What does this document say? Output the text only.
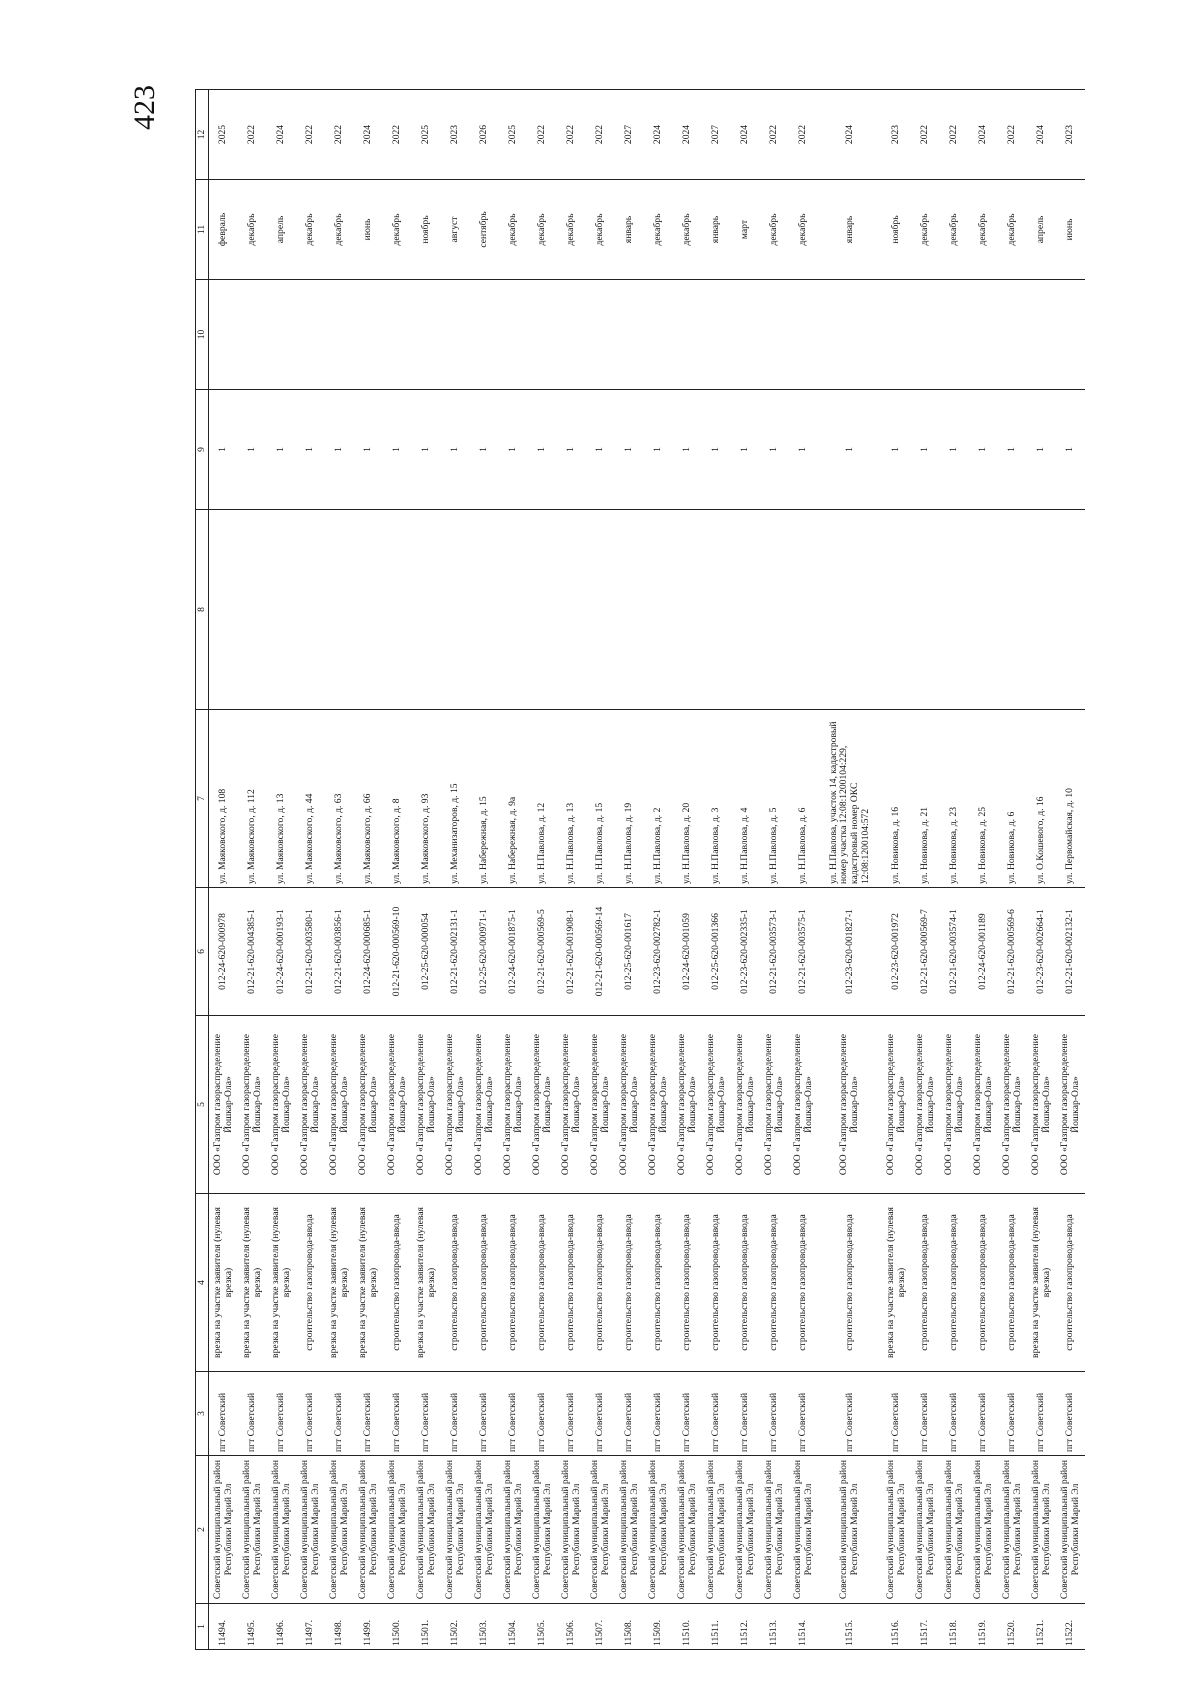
423
1	2	3	4	5	6	7	8	9	10	11	12
11494.	Советский муниципальный район Республики Марий Эл	пгт Советский	врезка на участке заявителя (нулевая врезка)	ООО «Газпром газораспределение Йошкар-Ола»	012-24-620-000978	ул. Маяковского, д. 108		1		февраль	2025
11495.	Советский муниципальный район Республики Марий Эл	пгт Советский	врезка на участке заявителя (нулевая врезка)	ООО «Газпром газораспределение Йошкар-Ола»	012-21-620-004385-1	ул. Маяковского, д. 112		1		декабрь	2022
11496.	Советский муниципальный район Республики Марий Эл	пгт Советский	врезка на участке заявителя (нулевая врезка)	ООО «Газпром газораспределение Йошкар-Ола»	012-24-620-000193-1	ул. Маяковского, д. 13		1		апрель	2024
11497.	Советский муниципальный район Республики Марий Эл	пгт Советский	строительство газопровода-ввода	ООО «Газпром газораспределение Йошкар-Ола»	012-21-620-003580-1	ул. Маяковского, д. 44		1		декабрь	2022
11498.	Советский муниципальный район Республики Марий Эл	пгт Советский	врезка на участке заявителя (нулевая врезка)	ООО «Газпром газораспределение Йошкар-Ола»	012-21-620-003856-1	ул. Маяковского, д. 63		1		декабрь	2022
11499.	Советский муниципальный район Республики Марий Эл	пгт Советский	врезка на участке заявителя (нулевая врезка)	ООО «Газпром газораспределение Йошкар-Ола»	012-24-620-000685-1	ул. Маяковского, д. 66		1		июнь	2024
11500.	Советский муниципальный район Республики Марий Эл	пгт Советский	строительство газопровода-ввода	ООО «Газпром газораспределение Йошкар-Ола»	012-21-620-000569-10	ул. Маяковского, д. 8		1		декабрь	2022
11501.	Советский муниципальный район Республики Марий Эл	пгт Советский	врезка на участке заявителя (нулевая врезка)	ООО «Газпром газораспределение Йошкар-Ола»	012-25-620-000054	ул. Маяковского, д. 93		1		ноябрь	2025
11502.	Советский муниципальный район Республики Марий Эл	пгт Советский	строительство газопровода-ввода	ООО «Газпром газораспределение Йошкар-Ола»	012-21-620-002131-1	ул. Механизаторов, д. 15		1		август	2023
11503.	Советский муниципальный район Республики Марий Эл	пгт Советский	строительство газопровода-ввода	ООО «Газпром газораспределение Йошкар-Ола»	012-25-620-000971-1	ул. Набережная, д. 15		1		сентябрь	2026
11504.	Советский муниципальный район Республики Марий Эл	пгт Советский	строительство газопровода-ввода	ООО «Газпром газораспределение Йошкар-Ола»	012-24-620-001875-1	ул. Набережная, д. 9а		1		декабрь	2025
11505.	Советский муниципальный район Республики Марий Эл	пгт Советский	строительство газопровода-ввода	ООО «Газпром газораспределение Йошкар-Ола»	012-21-620-000569-5	ул. Н.Павлова, д. 12		1		декабрь	2022
11506.	Советский муниципальный район Республики Марий Эл	пгт Советский	строительство газопровода-ввода	ООО «Газпром газораспределение Йошкар-Ола»	012-21-620-001908-1	ул. Н.Павлова, д. 13		1		декабрь	2022
11507.	Советский муниципальный район Республики Марий Эл	пгт Советский	строительство газопровода-ввода	ООО «Газпром газораспределение Йошкар-Ола»	012-21-620-000569-14	ул. Н.Павлова, д. 15		1		декабрь	2022
11508.	Советский муниципальный район Республики Марий Эл	пгт Советский	строительство газопровода-ввода	ООО «Газпром газораспределение Йошкар-Ола»	012-25-620-001617	ул. Н.Павлова, д. 19		1		январь	2027
11509.	Советский муниципальный район Республики Марий Эл	пгт Советский	строительство газопровода-ввода	ООО «Газпром газораспределение Йошкар-Ола»	012-23-620-002782-1	ул. Н.Павлова, д. 2		1		декабрь	2024
11510.	Советский муниципальный район Республики Марий Эл	пгт Советский	строительство газопровода-ввода	ООО «Газпром газораспределение Йошкар-Ола»	012-24-620-001059	ул. Н.Павлова, д. 20		1		декабрь	2024
11511.	Советский муниципальный район Республики Марий Эл	пгт Советский	строительство газопровода-ввода	ООО «Газпром газораспределение Йошкар-Ола»	012-25-620-001366	ул. Н.Павлова, д. 3		1		январь	2027
11512.	Советский муниципальный район Республики Марий Эл	пгт Советский	строительство газопровода-ввода	ООО «Газпром газораспределение Йошкар-Ола»	012-23-620-002335-1	ул. Н.Павлова, д. 4		1		март	2024
11513.	Советский муниципальный район Республики Марий Эл	пгт Советский	строительство газопровода-ввода	ООО «Газпром газораспределение Йошкар-Ола»	012-21-620-003573-1	ул. Н.Павлова, д. 5		1		декабрь	2022
11514.	Советский муниципальный район Республики Марий Эл	пгт Советский	строительство газопровода-ввода	ООО «Газпром газораспределение Йошкар-Ола»	012-21-620-003575-1	ул. Н.Павлова, д. 6		1		декабрь	2022
11515.	Советский муниципальный район Республики Марий Эл	пгт Советский	строительство газопровода-ввода	ООО «Газпром газораспределение Йошкар-Ола»	012-23-620-001827-1	ул. Н.Павлова, участок 14, кадастровый номер участка 12:08:1200104:229, кадастровый номер ОКС 12:08:1200104:572		1		январь	2024
11516.	Советский муниципальный район Республики Марий Эл	пгт Советский	врезка на участке заявителя (нулевая врезка)	ООО «Газпром газораспределение Йошкар-Ола»	012-23-620-001972	ул. Новикова, д. 16		1		ноябрь	2023
11517.	Советский муниципальный район Республики Марий Эл	пгт Советский	строительство газопровода-ввода	ООО «Газпром газораспределение Йошкар-Ола»	012-21-620-000569-7	ул. Новикова, д. 21		1		декабрь	2022
11518.	Советский муниципальный район Республики Марий Эл	пгт Советский	строительство газопровода-ввода	ООО «Газпром газораспределение Йошкар-Ола»	012-21-620-003574-1	ул. Новикова, д. 23		1		декабрь	2022
11519.	Советский муниципальный район Республики Марий Эл	пгт Советский	строительство газопровода-ввода	ООО «Газпром газораспределение Йошкар-Ола»	012-24-620-001189	ул. Новикова, д. 25		1		декабрь	2024
11520.	Советский муниципальный район Республики Марий Эл	пгт Советский	строительство газопровода-ввода	ООО «Газпром газораспределение Йошкар-Ола»	012-21-620-000569-6	ул. Новикова, д. 6		1		декабрь	2022
11521.	Советский муниципальный район Республики Марий Эл	пгт Советский	врезка на участке заявителя (нулевая врезка)	ООО «Газпром газораспределение Йошкар-Ола»	012-23-620-002664-1	ул. О.Кошевого, д. 16		1		апрель	2024
11522.	Советский муниципальный район Республики Марий Эл	пгт Советский	строительство газопровода-ввода	ООО «Газпром газораспределение Йошкар-Ола»	012-21-620-002132-1	ул. Первомайская, д. 10		1		июнь	2023
